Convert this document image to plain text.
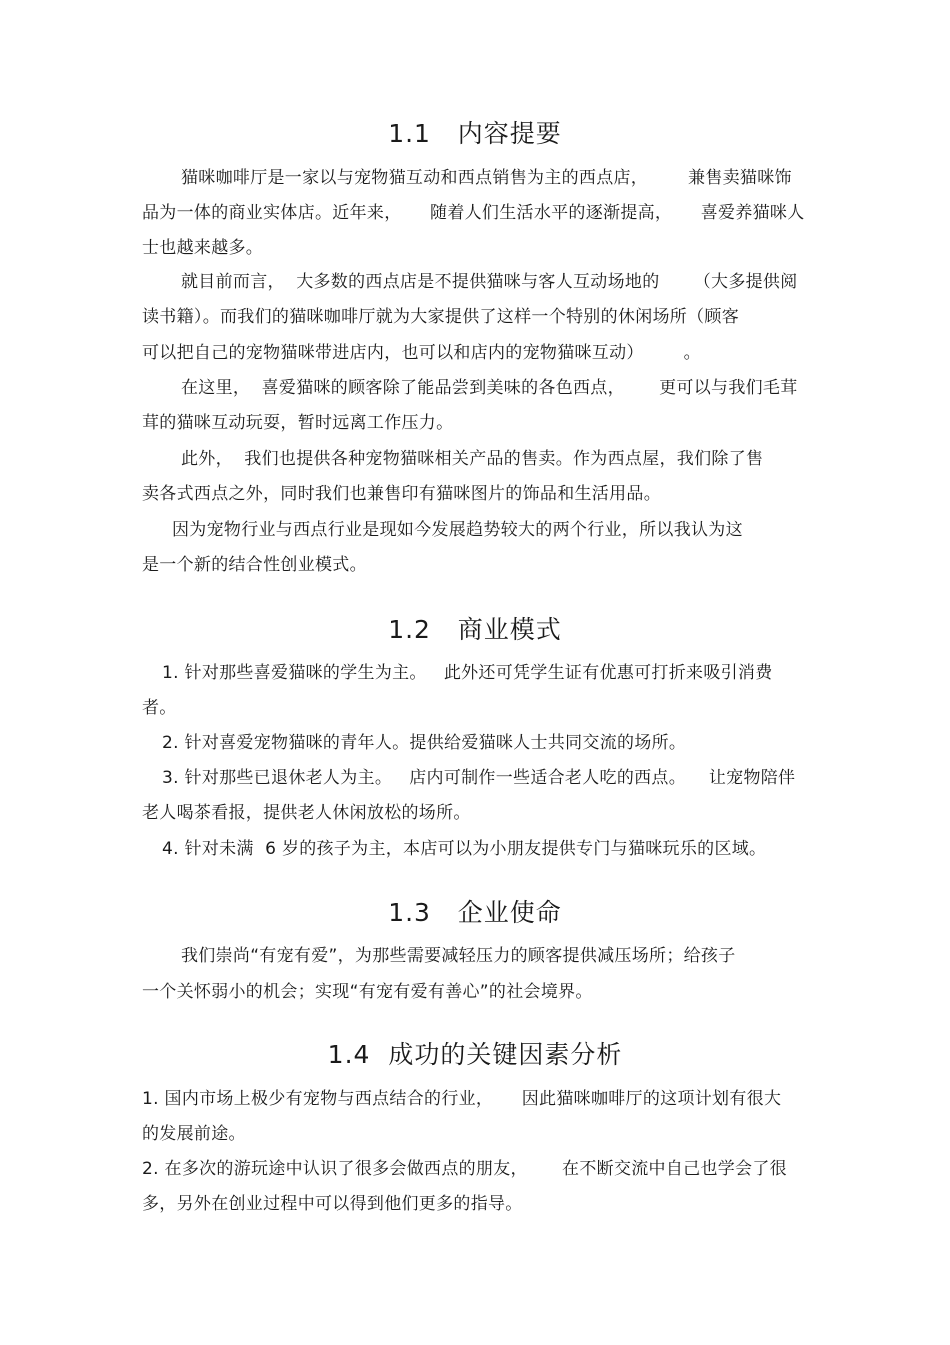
1.1   内容提要
猫咪咖啡厅是一家以与宠物猫互动和西点销售为主的西点店，       兼售卖猫咪饰
品为一体的商业实体店。近年来，     随着人们生活水平的逐渐提高，     喜爱养猫咪人
士也越来越多。
就目前而言，  大多数的西点店是不提供猫咪与客人互动场地的      （大多提供阅
读书籍）。而我们的猫咪咖啡厅就为大家提供了这样一个特别的休闲场所（顾客
可以把自己的宠物猫咪带进店内，也可以和店内的宠物猫咪互动）       。
在这里，  喜爱猫咪的顾客除了能品尝到美味的各色西点，      更可以与我们毛茸
茸的猫咪互动玩耍，暂时远离工作压力。
此外，  我们也提供各种宠物猫咪相关产品的售卖。作为西点屋，我们除了售
卖各式西点之外，同时我们也兼售印有猫咪图片的饰品和生活用品。
因为宠物行业与西点行业是现如今发展趋势较大的两个行业，所以我认为这
是一个新的结合性创业模式。
1.2   商业模式
1. 针对那些喜爱猫咪的学生为主。   此外还可凭学生证有优惠可打折来吸引消费
者。
2. 针对喜爱宠物猫咪的青年人。提供给爱猫咪人士共同交流的场所。
3. 针对那些已退休老人为主。   店内可制作一些适合老人吃的西点。    让宠物陪伴
老人喝茶看报，提供老人休闲放松的场所。
4. 针对未满  6 岁的孩子为主，本店可以为小朋友提供专门与猫咪玩乐的区域。
1.3   企业使命
我们崇尚“有宠有爱”，为那些需要减轻压力的顾客提供减压场所；给孩子
一个关怀弱小的机会；实现“有宠有爱有善心”的社会境界。
1.4  成功的关键因素分析
1. 国内市场上极少有宠物与西点结合的行业，     因此猫咪咖啡厅的这项计划有很大
的发展前途。
2. 在多次的游玩途中认识了很多会做西点的朋友，      在不断交流中自己也学会了很
多，另外在创业过程中可以得到他们更多的指导。
